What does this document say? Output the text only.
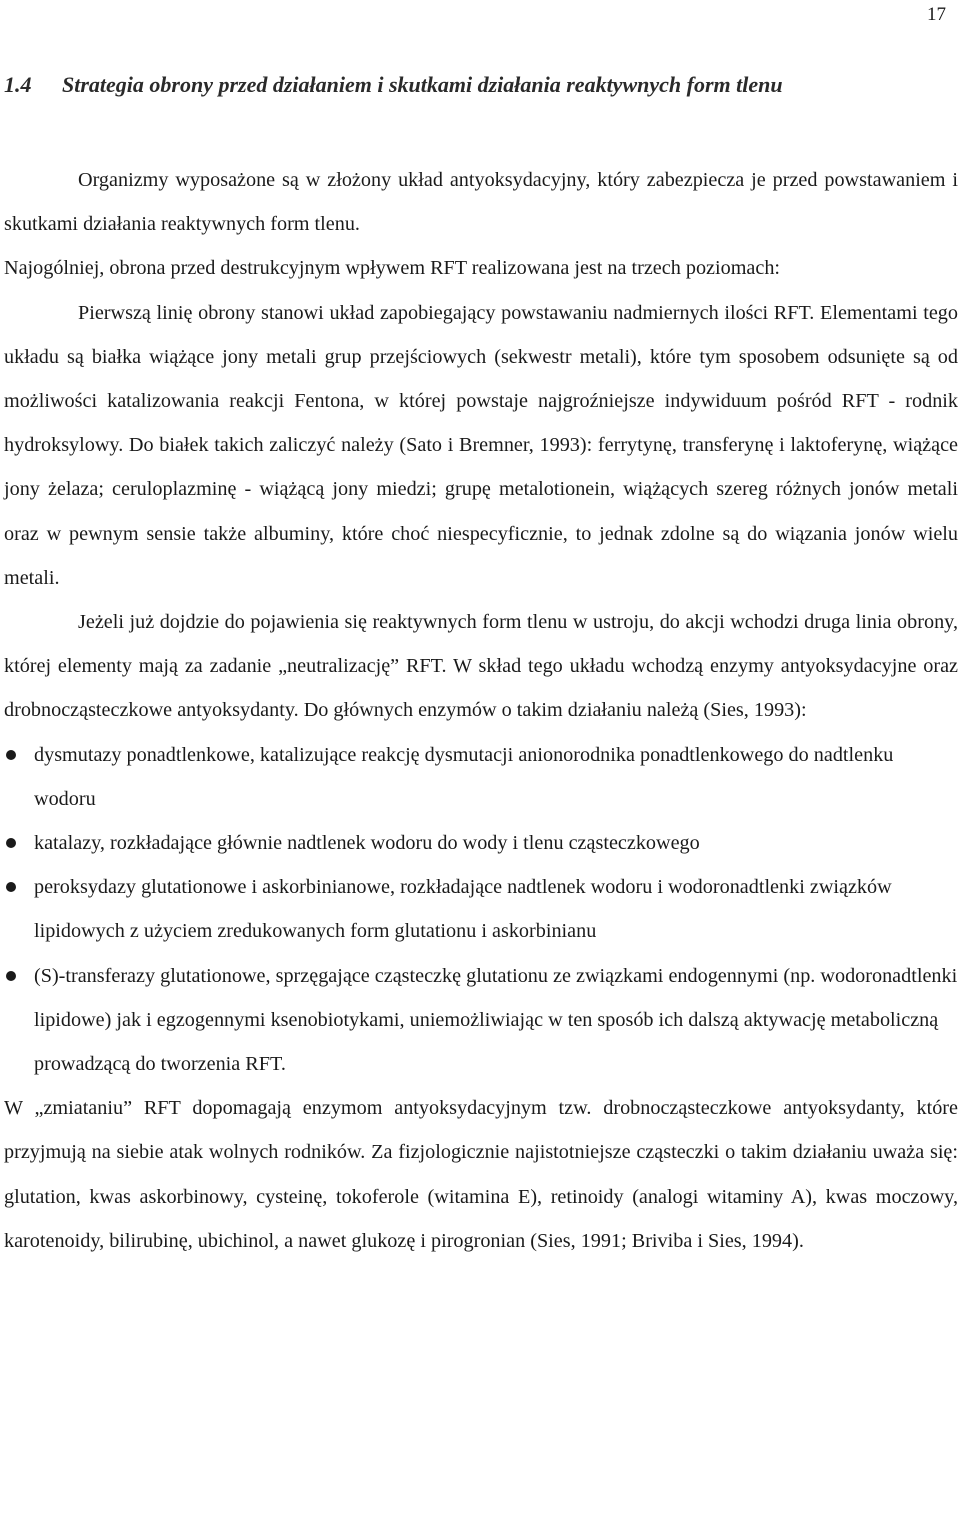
17
1.4 Strategia obrony przed działaniem i skutkami działania reaktywnych form tlenu

Organizmy wyposażone są w złożony układ antyoksydacyjny, który zabezpiecza je przed powstawaniem i skutkami działania reaktywnych form tlenu.

Najogólniej, obrona przed destrukcyjnym wpływem RFT realizowana jest na trzech poziomach:

Pierwszą linię obrony stanowi układ zapobiegający powstawaniu nadmiernych ilości RFT. Elementami tego układu są białka wiążące jony metali grup przejściowych (sekwestr metali), które tym sposobem odsunięte są od możliwości katalizowania reakcji Fentona, w której powstaje najgroźniejsze indywiduum pośród RFT - rodnik hydroksylowy. Do białek takich zaliczyć należy (Sato i Bremner, 1993): ferrytynę, transferynę i laktoferynę, wiążące jony żelaza; ceruloplazminę - wiążącą jony miedzi; grupę metalotionein, wiążących szereg różnych jonów metali oraz w pewnym sensie także albuminy, które choć niespecyficznie, to jednak zdolne są do wiązania jonów wielu metali.

Jeżeli już dojdzie do pojawienia się reaktywnych form tlenu w ustroju, do akcji wchodzi druga linia obrony, której elementy mają za zadanie „neutralizację” RFT. W skład tego układu wchodzą enzymy antyoksydacyjne oraz drobnocząsteczkowe antyoksydanty. Do głównych enzymów o takim działaniu należą (Sies, 1993):

dysmutazy ponadtlenkowe, katalizujące reakcję dysmutacji anionorodnika ponadtlenkowego do nadtlenku wodoru
katalazy, rozkładające głównie nadtlenek wodoru do wody i tlenu cząsteczkowego
peroksydazy glutationowe i askorbinianowe, rozkładające nadtlenek wodoru i wodoronadtlenki związków lipidowych z użyciem zredukowanych form glutationu i askorbinianu
(S)-transferazy glutationowe, sprzęgające cząsteczkę glutationu ze związkami endogennymi (np. wodoronadtlenki lipidowe) jak i egzogennymi ksenobiotykami, uniemożliwiając w ten sposób ich dalszą aktywację metaboliczną prowadzącą do tworzenia RFT.

W „zmiataniu” RFT dopomagają enzymom antyoksydacyjnym tzw. drobnocząsteczkowe antyoksydanty, które przyjmują na siebie atak wolnych rodników. Za fizjologicznie najistotniejsze cząsteczki o takim działaniu uważa się: glutation, kwas askorbinowy, cysteinę, tokoferole (witamina E), retinoidy (analogi witaminy A), kwas moczowy, karotenoidy, bilirubinę, ubichinol, a nawet glukozę i pirogronian (Sies, 1991; Briviba i Sies, 1994).
